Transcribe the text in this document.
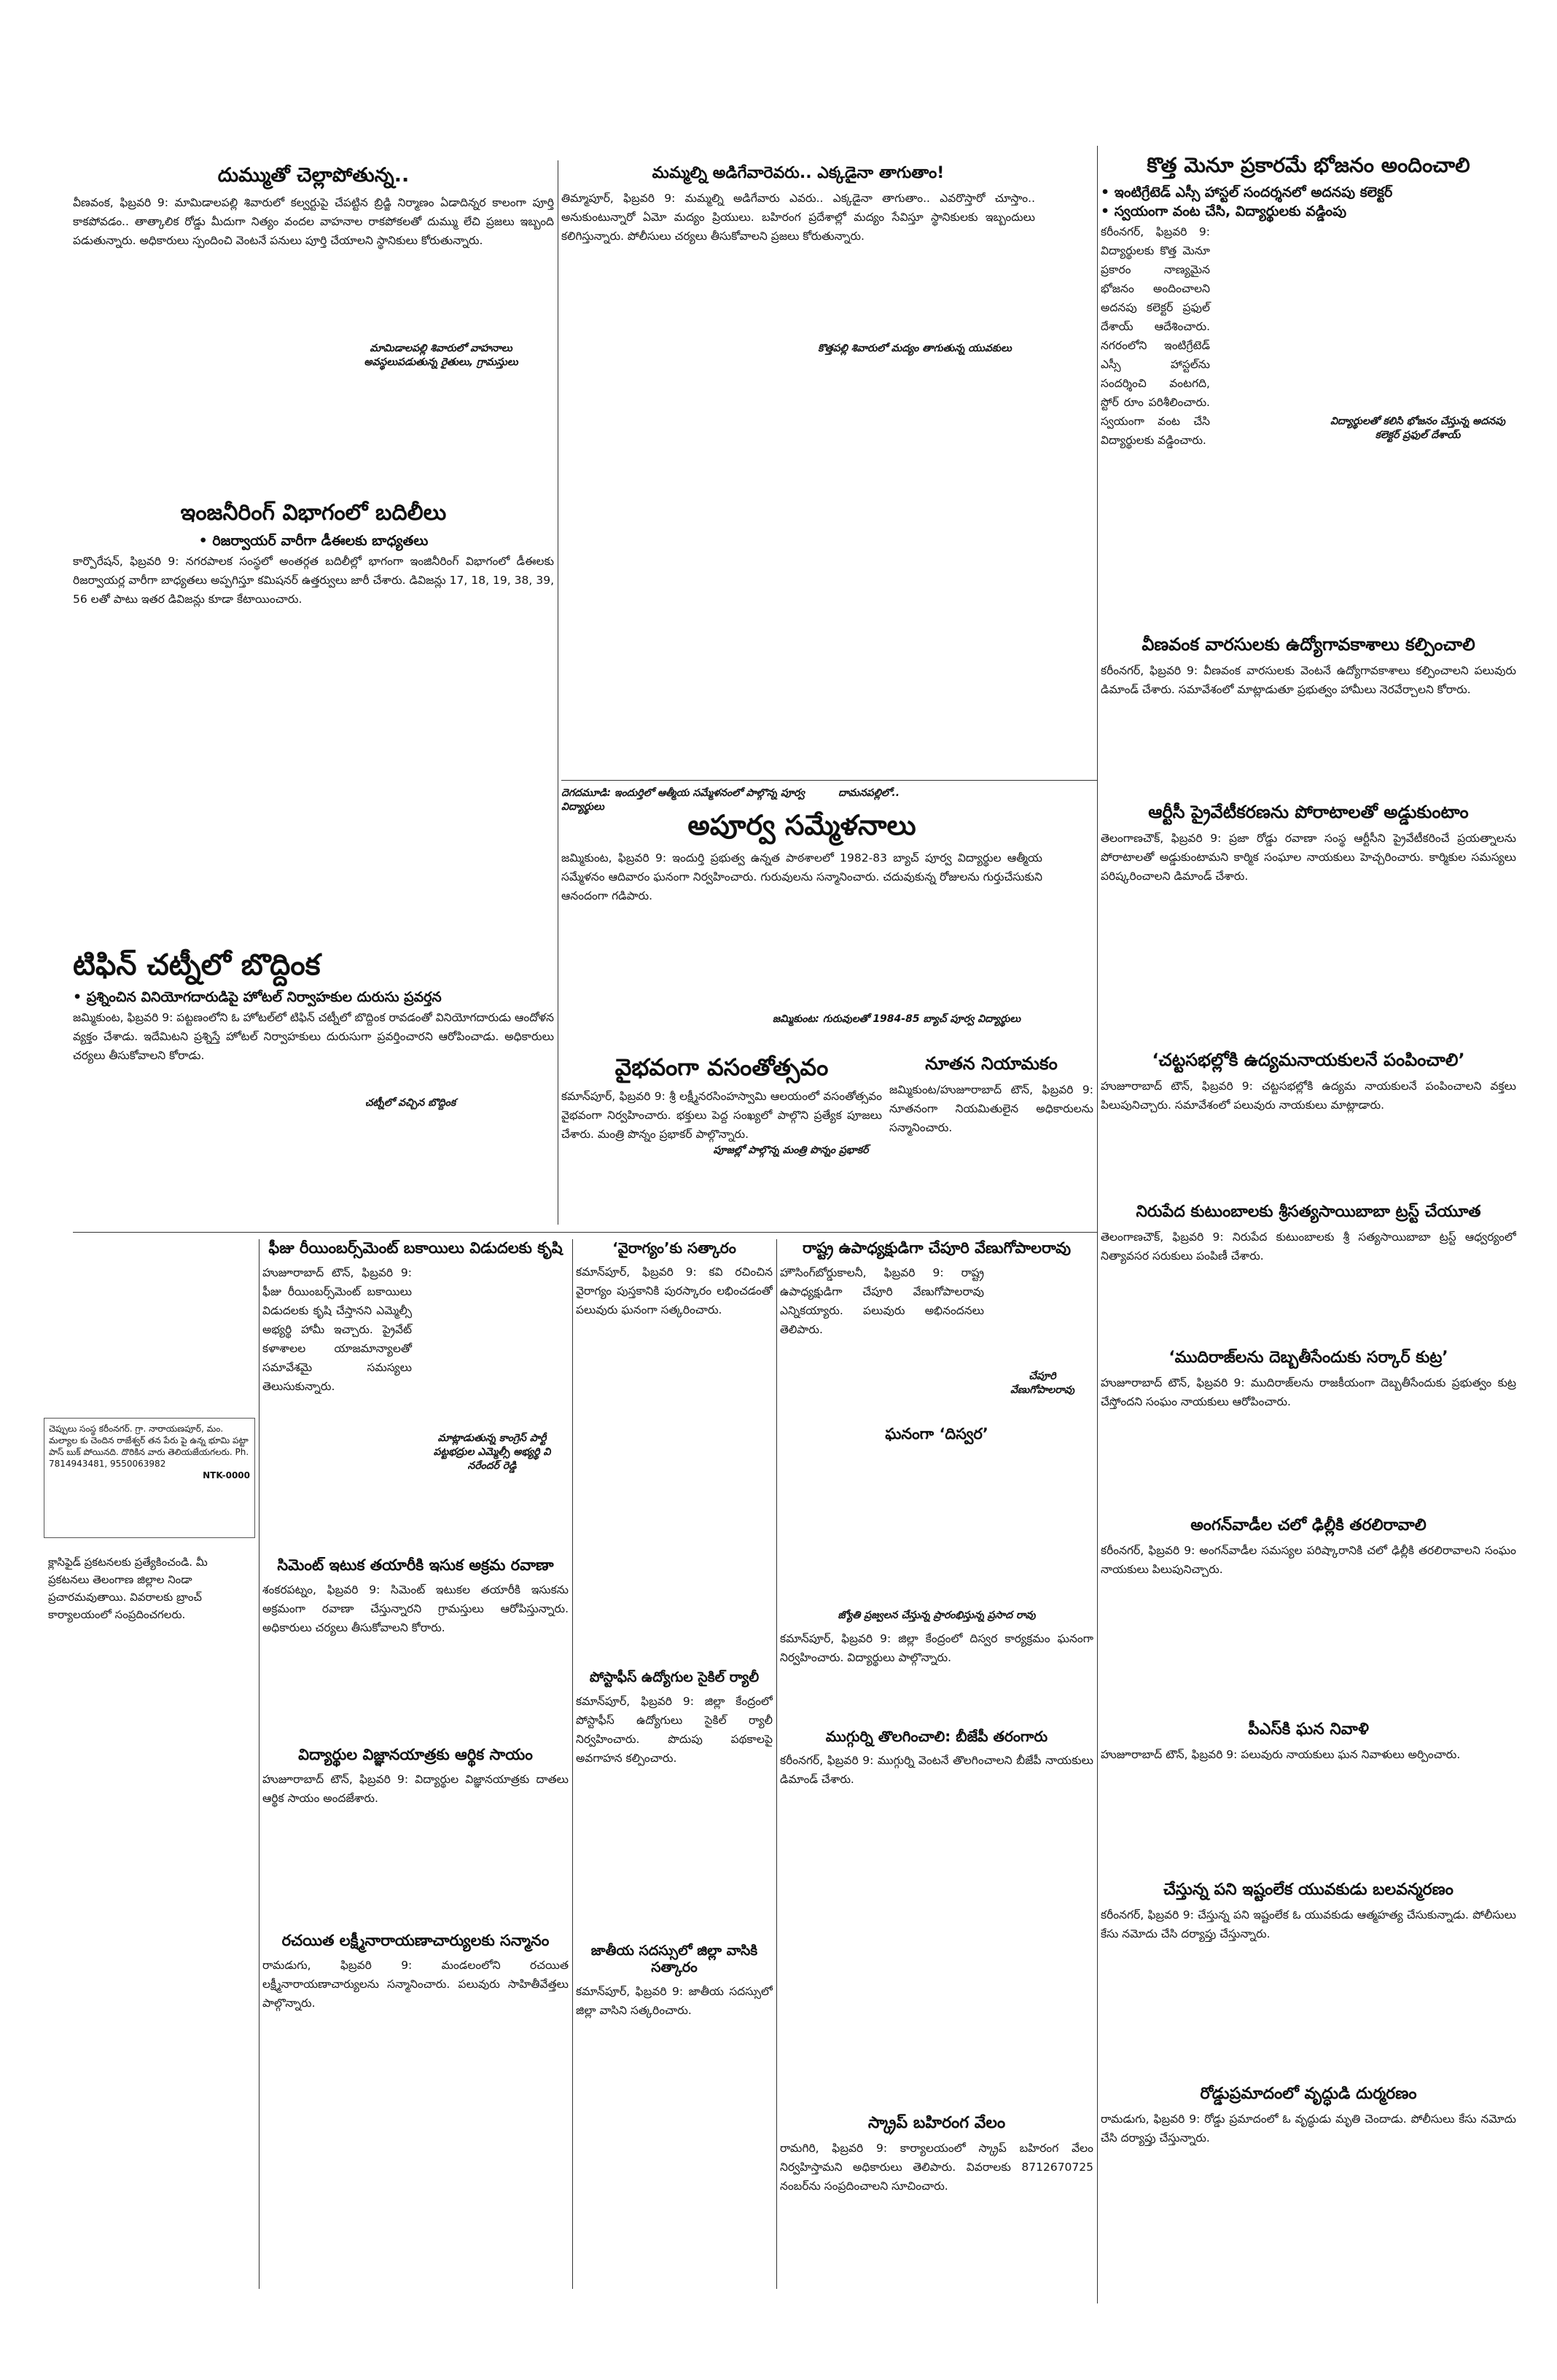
దుమ్ముతో చెల్లాపోతున్న..

వీణవంక, ఫిబ్రవరి 9: మామిడాలపల్లి శివారులో కల్వర్టుపై చేపట్టిన బ్రిడ్జి నిర్మాణం ఏడాదిన్నర కాలంగా పూర్తి కాకపోవడం.. తాత్కాలిక రోడ్డు మీదుగా నిత్యం వందల వాహనాల రాకపోకలతో దుమ్ము లేచి ప్రజలు ఇబ్బంది పడుతున్నారు. అధికారులు స్పందించి వెంటనే పనులు పూర్తి చేయాలని స్థానికులు కోరుతున్నారు.

మామిడాలపల్లి శివారులో వాహనాలు అవస్థలుపడుతున్న రైతులు, గ్రామస్తులు
ఇంజనీరింగ్ విభాగంలో బదిలీలు
• రిజర్వాయర్ వారీగా డీఈలకు బాధ్యతలు

కార్పొరేషన్, ఫిబ్రవరి 9: నగరపాలక సంస్థలో అంతర్గత బదిలీల్లో భాగంగా ఇంజినీరింగ్ విభాగంలో డీఈలకు రిజర్వాయర్ల వారీగా బాధ్యతలు అప్పగిస్తూ కమిషనర్ ఉత్తర్వులు జారీ చేశారు. డివిజన్లు 17, 18, 19, 38, 39, 56 లతో పాటు ఇతర డివిజన్లు కూడా కేటాయించారు.

టిఫిన్ చట్నీలో బొద్దింక
• ప్రశ్నించిన వినియోగదారుడిపై హోటల్ నిర్వాహకుల దురుసు ప్రవర్తన

జమ్మికుంట, ఫిబ్రవరి 9: పట్టణంలోని ఓ హోటల్‌లో టిఫిన్ చట్నీలో బొద్దింక రావడంతో వినియోగదారుడు ఆందోళన వ్యక్తం చేశాడు. ఇదేమిటని ప్రశ్నిస్తే హోటల్ నిర్వాహకులు దురుసుగా ప్రవర్తించారని ఆరోపించాడు. అధికారులు చర్యలు తీసుకోవాలని కోరాడు.

చట్నీలో వచ్చిన బొద్దింక
చెప్పులు సంస్థ కరీంనగర్. గ్రా. నారాయణపూర్, మం. మల్యాల కు చెందిన రాజేశ్వర్ తన పేరు పై ఉన్న భూమి పట్టా పాస్ బుక్ పోయినది. దొరికిన వారు తెలియజేయగలరు. Ph. 7814943481, 9550063982
NTK-0000
క్లాసిఫైడ్ ప్రకటనలకు ప్రత్యేకించండి. మీ ప్రకటనలు తెలంగాణ జిల్లాల నిండా ప్రచారమవుతాయి. వివరాలకు బ్రాంచ్ కార్యాలయంలో సంప్రదించగలరు.
మమ్మల్ని అడిగేవారెవరు.. ఎక్కడైనా తాగుతాం!

తిమ్మాపూర్, ఫిబ్రవరి 9: మమ్మల్ని అడిగేవారు ఎవరు.. ఎక్కడైనా తాగుతాం.. ఎవరొస్తారో చూస్తాం.. అనుకుంటున్నారో ఏమో మద్యం ప్రియులు. బహిరంగ ప్రదేశాల్లో మద్యం సేవిస్తూ స్థానికులకు ఇబ్బందులు కలిగిస్తున్నారు. పోలీసులు చర్యలు తీసుకోవాలని ప్రజలు కోరుతున్నారు.

కొత్తపల్లి శివారులో మద్యం తాగుతున్న యువకులు
దెగదమూడి: ఇందుర్తిలో ఆత్మీయ సమ్మేళనంలో పాల్గొన్న పూర్వ విద్యార్థులు
దామనపల్లిలో..
అపూర్వ సమ్మేళనాలు

జమ్మికుంట, ఫిబ్రవరి 9: ఇందుర్తి ప్రభుత్వ ఉన్నత పాఠశాలలో 1982-83 బ్యాచ్ పూర్వ విద్యార్థుల ఆత్మీయ సమ్మేళనం ఆదివారం ఘనంగా నిర్వహించారు. గురువులను సన్మానించారు. చదువుకున్న రోజులను గుర్తుచేసుకుని ఆనందంగా గడిపారు.

జమ్మికుంట: గురువులతో 1984-85 బ్యాచ్ పూర్వ విద్యార్థులు
వైభవంగా వసంతోత్సవం

కమాన్‌పూర్, ఫిబ్రవరి 9: శ్రీ లక్ష్మీనరసింహస్వామి ఆలయంలో వసంతోత్సవం వైభవంగా నిర్వహించారు. భక్తులు పెద్ద సంఖ్యలో పాల్గొని ప్రత్యేక పూజలు చేశారు. మంత్రి పొన్నం ప్రభాకర్ పాల్గొన్నారు.

పూజల్లో పాల్గొన్న మంత్రి పొన్నం ప్రభాకర్
నూతన నియామకం

జమ్మికుంట/హుజూరాబాద్ టౌన్, ఫిబ్రవరి 9: నూతనంగా నియమితులైన అధికారులను సన్మానించారు.

కొత్త మెనూ ప్రకారమే భోజనం అందించాలి
• ఇంటిగ్రేటెడ్ ఎస్సీ హాస్టల్ సందర్శనలో అదనపు కలెక్టర్
• స్వయంగా వంట చేసి, విద్యార్థులకు వడ్డింపు

కరీంనగర్, ఫిబ్రవరి 9: విద్యార్థులకు కొత్త మెనూ ప్రకారం నాణ్యమైన భోజనం అందించాలని అదనపు కలెక్టర్ ప్రఫుల్ దేశాయ్ ఆదేశించారు. నగరంలోని ఇంటిగ్రేటెడ్ ఎస్సీ హాస్టల్‌ను సందర్శించి వంటగది, స్టోర్ రూం పరిశీలించారు. స్వయంగా వంట చేసి విద్యార్థులకు వడ్డించారు.

విద్యార్థులతో కలిసి భోజనం చేస్తున్న అదనపు కలెక్టర్ ప్రఫుల్ దేశాయ్
వీణవంక వారసులకు ఉద్యోగావకాశాలు కల్పించాలి

కరీంనగర్, ఫిబ్రవరి 9: వీణవంక వారసులకు వెంటనే ఉద్యోగావకాశాలు కల్పించాలని పలువురు డిమాండ్ చేశారు. సమావేశంలో మాట్లాడుతూ ప్రభుత్వం హామీలు నెరవేర్చాలని కోరారు.

ఆర్టీసీ ప్రైవేటీకరణను పోరాటాలతో అడ్డుకుంటాం

తెలంగాణచౌక్, ఫిబ్రవరి 9: ప్రజా రోడ్డు రవాణా సంస్థ ఆర్టీసీని ప్రైవేటీకరించే ప్రయత్నాలను పోరాటాలతో అడ్డుకుంటామని కార్మిక సంఘాల నాయకులు హెచ్చరించారు. కార్మికుల సమస్యలు పరిష్కరించాలని డిమాండ్ చేశారు.

‘చట్టసభల్లోకి ఉద్యమనాయకులనే పంపించాలి’

హుజూరాబాద్ టౌన్, ఫిబ్రవరి 9: చట్టసభల్లోకి ఉద్యమ నాయకులనే పంపించాలని వక్తలు పిలుపునిచ్చారు. సమావేశంలో పలువురు నాయకులు మాట్లాడారు.

నిరుపేద కుటుంబాలకు శ్రీసత్యసాయిబాబా ట్రస్ట్ చేయూత

తెలంగాణచౌక్, ఫిబ్రవరి 9: నిరుపేద కుటుంబాలకు శ్రీ సత్యసాయిబాబా ట్రస్ట్ ఆధ్వర్యంలో నిత్యావసర సరుకులు పంపిణీ చేశారు.

‘ముదిరాజ్‌లను దెబ్బతీసేందుకు సర్కార్ కుట్ర’

హుజూరాబాద్ టౌన్, ఫిబ్రవరి 9: ముదిరాజ్‌లను రాజకీయంగా దెబ్బతీసేందుకు ప్రభుత్వం కుట్ర చేస్తోందని సంఘం నాయకులు ఆరోపించారు.

అంగన్‌వాడీల చలో ఢిల్లీకి తరలిరావాలి

కరీంనగర్, ఫిబ్రవరి 9: అంగన్‌వాడీల సమస్యల పరిష్కారానికి చలో ఢిల్లీకి తరలిరావాలని సంఘం నాయకులు పిలుపునిచ్చారు.

పీఎస్‌కి ఘన నివాళి

హుజూరాబాద్ టౌన్, ఫిబ్రవరి 9: పలువురు నాయకులు ఘన నివాళులు అర్పించారు.

చేస్తున్న పని ఇష్టంలేక యువకుడు బలవన్మరణం

కరీంనగర్, ఫిబ్రవరి 9: చేస్తున్న పని ఇష్టంలేక ఓ యువకుడు ఆత్మహత్య చేసుకున్నాడు. పోలీసులు కేసు నమోదు చేసి దర్యాప్తు చేస్తున్నారు.

రోడ్డుప్రమాదంలో వృద్ధుడి దుర్మరణం

రామడుగు, ఫిబ్రవరి 9: రోడ్డు ప్రమాదంలో ఓ వృద్ధుడు మృతి చెందాడు. పోలీసులు కేసు నమోదు చేసి దర్యాప్తు చేస్తున్నారు.

ఫీజు రీయింబర్స్‌మెంట్ బకాయిలు విడుదలకు కృషి

హుజూరాబాద్ టౌన్, ఫిబ్రవరి 9: ఫీజు రీయింబర్స్‌మెంట్ బకాయిలు విడుదలకు కృషి చేస్తానని ఎమ్మెల్సీ అభ్యర్థి హామీ ఇచ్చారు. ప్రైవేట్ కళాశాలల యాజమాన్యాలతో సమావేశమై సమస్యలు తెలుసుకున్నారు.

మాట్లాడుతున్న కాంగ్రెస్ పార్టీ పట్టభద్రుల ఎమ్మెల్సీ అభ్యర్థి వి నరేందర్ రెడ్డి
సిమెంట్ ఇటుక తయారీకి ఇసుక అక్రమ రవాణా

శంకరపట్నం, ఫిబ్రవరి 9: సిమెంట్ ఇటుకల తయారీకి ఇసుకను అక్రమంగా రవాణా చేస్తున్నారని గ్రామస్తులు ఆరోపిస్తున్నారు. అధికారులు చర్యలు తీసుకోవాలని కోరారు.

విద్యార్థుల విజ్ఞానయాత్రకు ఆర్థిక సాయం

హుజూరాబాద్ టౌన్, ఫిబ్రవరి 9: విద్యార్థుల విజ్ఞానయాత్రకు దాతలు ఆర్థిక సాయం అందజేశారు.

రచయిత లక్ష్మీనారాయణాచార్యులకు సన్మానం

రామడుగు, ఫిబ్రవరి 9: మండలంలోని రచయిత లక్ష్మీనారాయణాచార్యులను సన్మానించారు. పలువురు సాహితీవేత్తలు పాల్గొన్నారు.

‘వైరాగ్యం’కు సత్కారం

కమాన్‌పూర్, ఫిబ్రవరి 9: కవి రచించిన వైరాగ్యం పుస్తకానికి పురస్కారం లభించడంతో పలువురు ఘనంగా సత్కరించారు.

రాష్ట్ర ఉపాధ్యక్షుడిగా చేపూరి వేణుగోపాలరావు

హౌసింగ్‌బోర్డుకాలనీ, ఫిబ్రవరి 9: రాష్ట్ర ఉపాధ్యక్షుడిగా చేపూరి వేణుగోపాలరావు ఎన్నికయ్యారు. పలువురు అభినందనలు తెలిపారు.

చేపూరి వేణుగోపాలరావు
ఘనంగా ‘దిస్వర’
జ్యోతి ప్రజ్వలన చేస్తున్న ప్రారంభిస్తున్న ప్రసాద రావు

కమాన్‌పూర్, ఫిబ్రవరి 9: జిల్లా కేంద్రంలో దిస్వర కార్యక్రమం ఘనంగా నిర్వహించారు. విద్యార్థులు పాల్గొన్నారు.

పోస్టాఫీస్ ఉద్యోగుల సైకిల్ ర్యాలీ

కమాన్‌పూర్, ఫిబ్రవరి 9: జిల్లా కేంద్రంలో పోస్టాఫీస్ ఉద్యోగులు సైకిల్ ర్యాలీ నిర్వహించారు. పొదుపు పథకాలపై అవగాహన కల్పించారు.

ముగ్గుర్ని తొలగించాలి: బీజేపీ తరంగారు

కరీంనగర్, ఫిబ్రవరి 9: ముగ్గుర్ని వెంటనే తొలగించాలని బీజేపీ నాయకులు డిమాండ్ చేశారు.

జాతీయ సదస్సులో జిల్లా వాసికి సత్కారం

కమాన్‌పూర్, ఫిబ్రవరి 9: జాతీయ సదస్సులో జిల్లా వాసిని సత్కరించారు.

స్క్రాప్ బహిరంగ వేలం

రామగిరి, ఫిబ్రవరి 9: కార్యాలయంలో స్క్రాప్ బహిరంగ వేలం నిర్వహిస్తామని అధికారులు తెలిపారు. వివరాలకు 8712670725 నంబర్‌ను సంప్రదించాలని సూచించారు.
